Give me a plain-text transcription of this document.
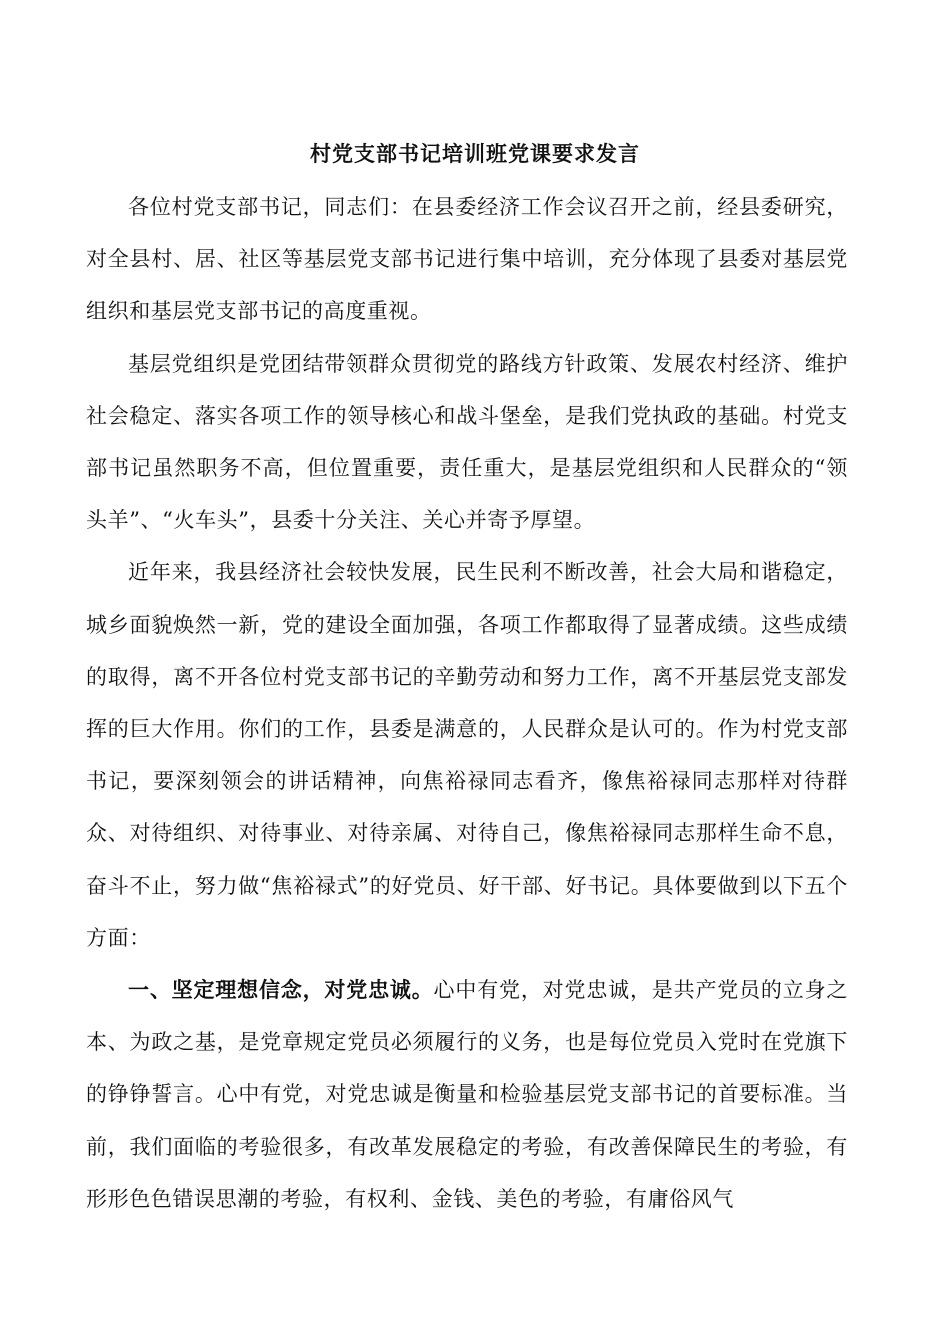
村党支部书记培训班党课要求发言

各位村党支部书记，同志们：在县委经济工作会议召开之前，经县委研究，对全县村、居、社区等基层党支部书记进行集中培训，充分体现了县委对基层党组织和基层党支部书记的高度重视。

基层党组织是党团结带领群众贯彻党的路线方针政策、发展农村经济、维护社会稳定、落实各项工作的领导核心和战斗堡垒，是我们党执政的基础。村党支部书记虽然职务不高，但位置重要，责任重大，是基层党组织和人民群众的“领头羊”、“火车头”，县委十分关注、关心并寄予厚望。

近年来，我县经济社会较快发展，民生民利不断改善，社会大局和谐稳定，城乡面貌焕然一新，党的建设全面加强，各项工作都取得了显著成绩。这些成绩的取得，离不开各位村党支部书记的辛勤劳动和努力工作，离不开基层党支部发挥的巨大作用。你们的工作，县委是满意的，人民群众是认可的。作为村党支部书记，要深刻领会的讲话精神，向焦裕禄同志看齐，像焦裕禄同志那样对待群众、对待组织、对待事业、对待亲属、对待自己，像焦裕禄同志那样生命不息，奋斗不止，努力做“焦裕禄式”的好党员、好干部、好书记。具体要做到以下五个方面：

一、坚定理想信念，对党忠诚。心中有党，对党忠诚，是共产党员的立身之本、为政之基，是党章规定党员必须履行的义务，也是每位党员入党时在党旗下的铮铮誓言。心中有党，对党忠诚是衡量和检验基层党支部书记的首要标准。当前，我们面临的考验很多，有改革发展稳定的考验，有改善保障民生的考验，有形形色色错误思潮的考验，有权利、金钱、美色的考验，有庸俗风气
